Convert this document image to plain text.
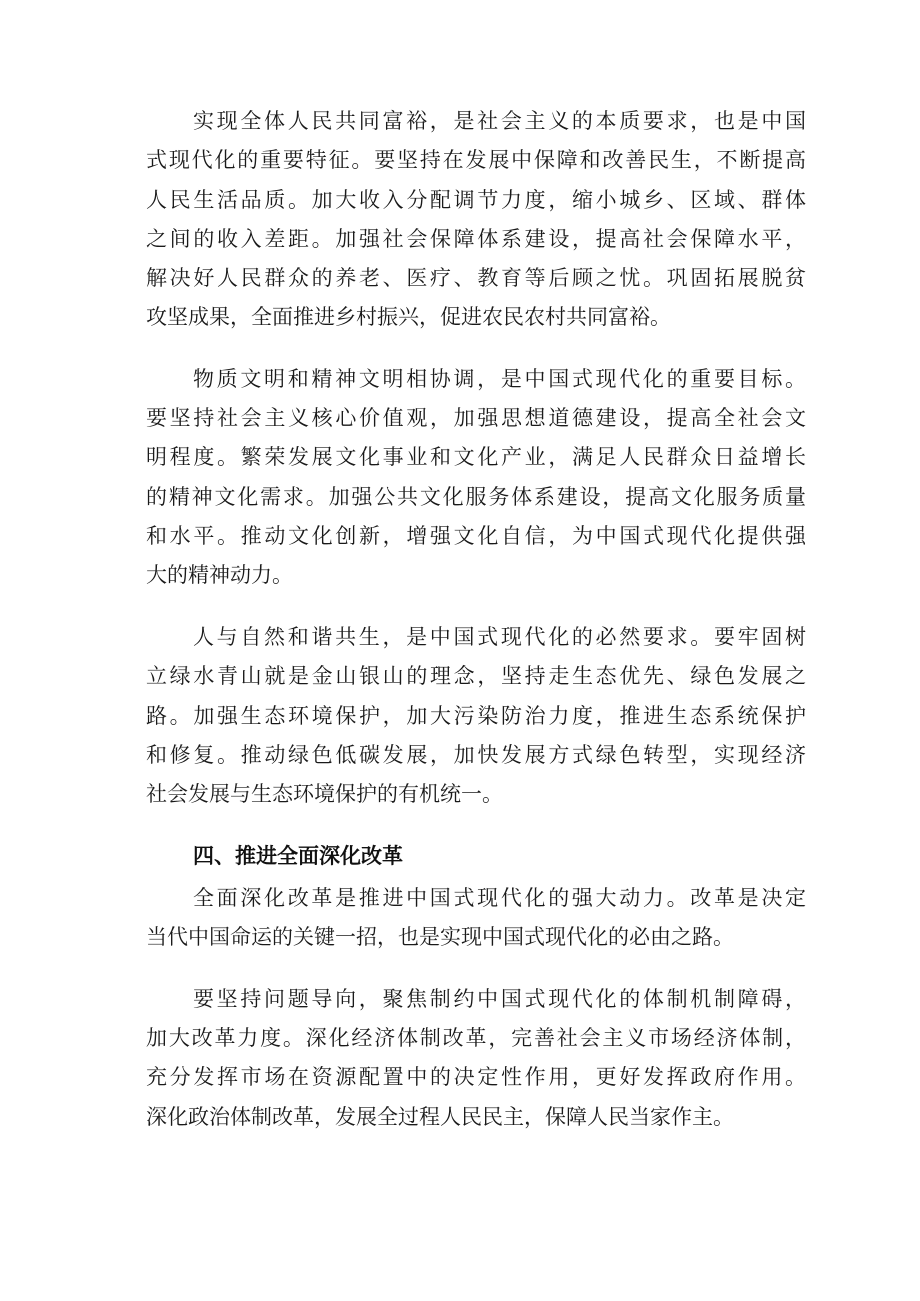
实现全体人民共同富裕，是社会主义的本质要求，也是中国
式现代化的重要特征。要坚持在发展中保障和改善民生，不断提高
人民生活品质。加大收入分配调节力度，缩小城乡、区域、群体
之间的收入差距。加强社会保障体系建设，提高社会保障水平，
解决好人民群众的养老、医疗、教育等后顾之忧。巩固拓展脱贫
攻坚成果，全面推进乡村振兴，促进农民农村共同富裕。
物质文明和精神文明相协调，是中国式现代化的重要目标。
要坚持社会主义核心价值观，加强思想道德建设，提高全社会文
明程度。繁荣发展文化事业和文化产业，满足人民群众日益增长
的精神文化需求。加强公共文化服务体系建设，提高文化服务质量
和水平。推动文化创新，增强文化自信，为中国式现代化提供强
大的精神动力。
人与自然和谐共生，是中国式现代化的必然要求。要牢固树
立绿水青山就是金山银山的理念，坚持走生态优先、绿色发展之
路。加强生态环境保护，加大污染防治力度，推进生态系统保护
和修复。推动绿色低碳发展，加快发展方式绿色转型，实现经济
社会发展与生态环境保护的有机统一。
四、推进全面深化改革
全面深化改革是推进中国式现代化的强大动力。改革是决定
当代中国命运的关键一招，也是实现中国式现代化的必由之路。
要坚持问题导向，聚焦制约中国式现代化的体制机制障碍，
加大改革力度。深化经济体制改革，完善社会主义市场经济体制，
充分发挥市场在资源配置中的决定性作用，更好发挥政府作用。
深化政治体制改革，发展全过程人民民主，保障人民当家作主。
